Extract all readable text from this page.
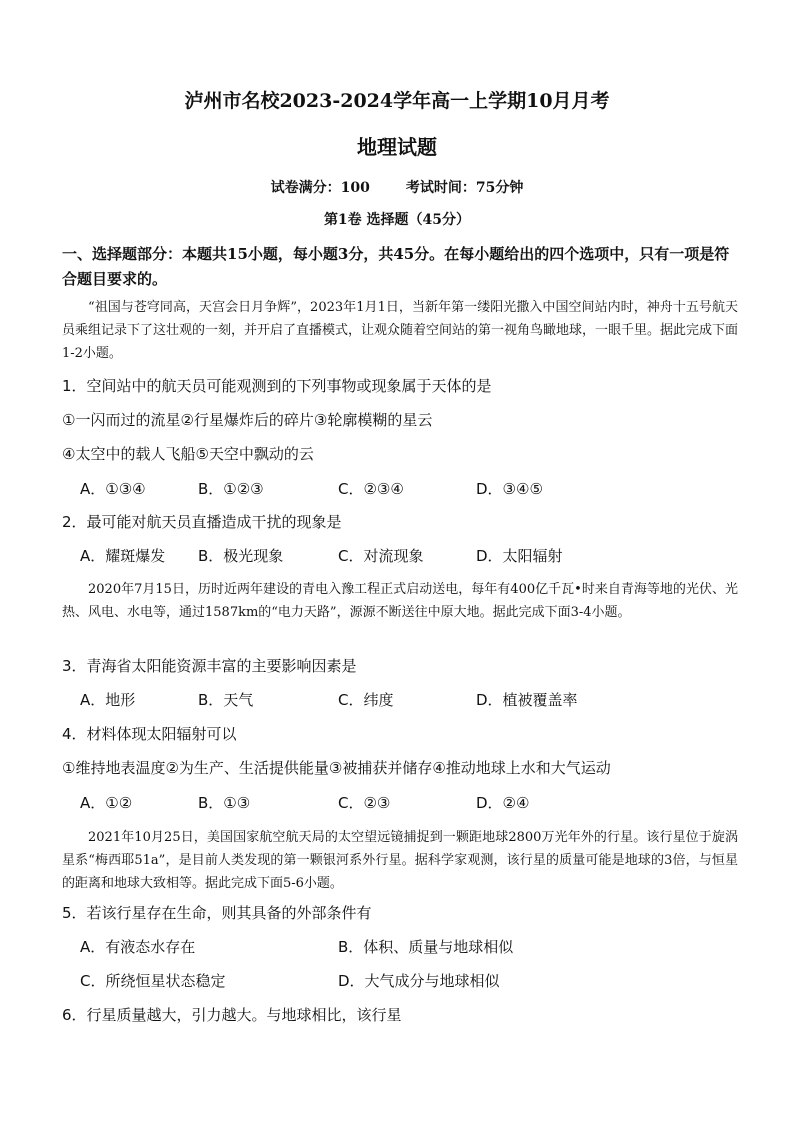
泸州市名校2023-2024学年高一上学期10月月考
地理试题
试卷满分：100	考试时间：75分钟
第1卷 选择题（45分）
一、选择题部分：本题共15小题，每小题3分，共45分。在每小题给出的四个选项中，只有一项是符合题目要求的。
“祖国与苍穹同高，天宫会日月争辉”，2023年1月1日，当新年第一缕阳光撒入中国空间站内时，神舟十五号航天员乘组记录下了这壮观的一刻，并开启了直播模式，让观众随着空间站的第一视角鸟瞰地球，一眼千里。据此完成下面1-2小题。
1．空间站中的航天员可能观测到的下列事物或现象属于天体的是
①一闪而过的流星②行星爆炸后的碎片③轮廓模糊的星云
④太空中的载人飞船⑤天空中飘动的云
A．①③④	B．①②③	C．②③④	D．③④⑤
2．最可能对航天员直播造成干扰的现象是
A．耀斑爆发 B．极光现象	C．对流现象	D．太阳辐射
2020年7月15日，历时近两年建设的青电入豫工程正式启动送电，每年有400亿千瓦•时来自青海等地的光伏、光热、风电、水电等，通过1587km的“电力天路”，源源不断送往中原大地。据此完成下面3-4小题。
3．青海省太阳能资源丰富的主要影响因素是
A．地形	B．天气	C．纬度	D．植被覆盖率
4．材料体现太阳辐射可以
①维持地表温度②为生产、生活提供能量③被捕获并储存④推动地球上水和大气运动
A．①②	B．①③	C．②③	D．②④
2021年10月25日，美国国家航空航天局的太空望远镜捕捉到一颗距地球2800万光年外的行星。该行星位于旋涡星系“梅西耶51a”，是目前人类发现的第一颗银河系外行星。据科学家观测，该行星的质量可能是地球的3倍，与恒星的距离和地球大致相等。据此完成下面5-6小题。
5．若该行星存在生命，则其具备的外部条件有
A．有液态水存在	B．体积、质量与地球相似
C．所绕恒星状态稳定	D．大气成分与地球相似
6．行星质量越大，引力越大。与地球相比，该行星
